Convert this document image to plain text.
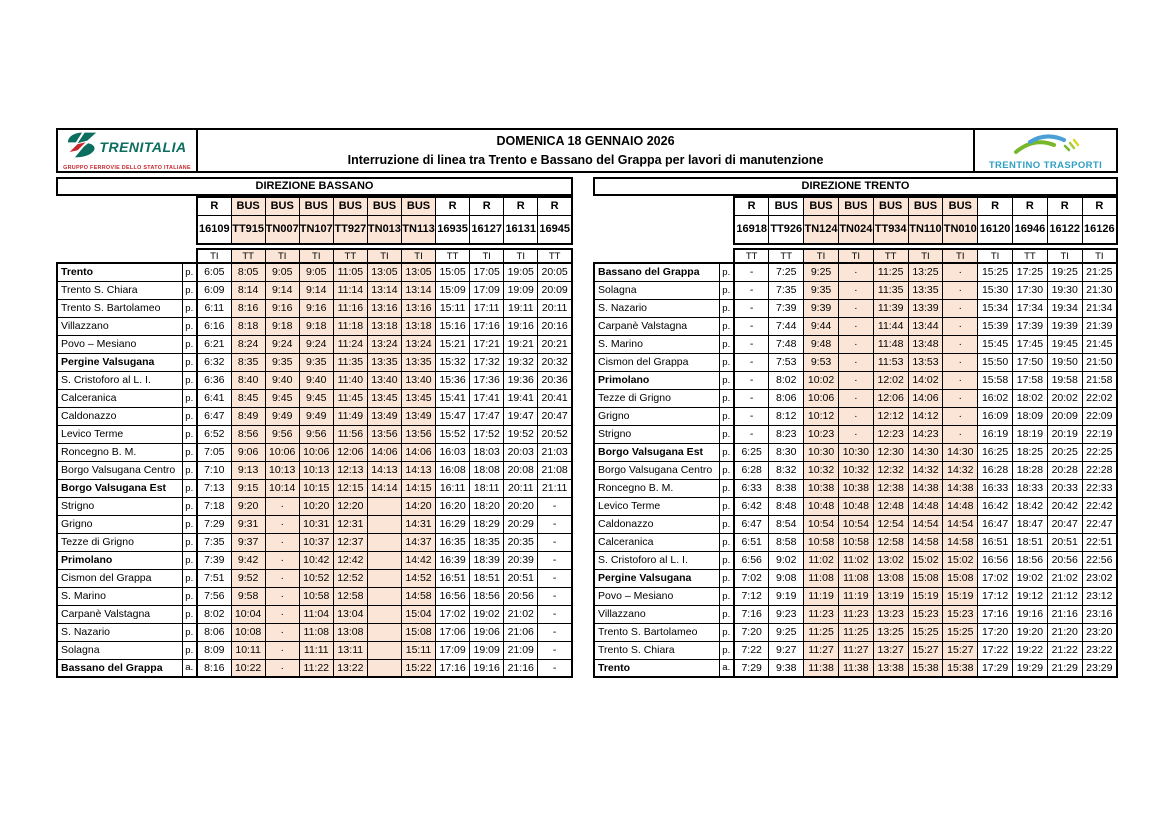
TRENITALIA
GRUPPO FERROVIE DELLO STATO ITALIANE
DOMENICA 18 GENNAIO 2026
Interruzione di linea tra Trento e Bassano del Grappa per lavori di manutenzione	TRENTINO TRASPORTI
DIREZIONE BASSANO
R	BUS	BUS	BUS	BUS	BUS	BUS	R	R	R	R
16109	TT915	TN007	TN107	TT927	TN013	TN113	16935	16127	16131	16945
TI	TT	TI	TI	TT	TI	TI	TT	TI	TI	TT
Trento	p.	6:05	8:05	9:05	9:05	11:05	13:05	13:05	15:05	17:05	19:05	20:05
Trento S. Chiara	p.	6:09	8:14	9:14	9:14	11:14	13:14	13:14	15:09	17:09	19:09	20:09
Trento S. Bartolameo	p.	6:11	8:16	9:16	9:16	11:16	13:16	13:16	15:11	17:11	19:11	20:11
Villazzano	p.	6:16	8:18	9:18	9:18	11:18	13:18	13:18	15:16	17:16	19:16	20:16
Povo – Mesiano	p.	6:21	8:24	9:24	9:24	11:24	13:24	13:24	15:21	17:21	19:21	20:21
Pergine Valsugana	p.	6:32	8:35	9:35	9:35	11:35	13:35	13:35	15:32	17:32	19:32	20:32
S. Cristoforo al L. I.	p.	6:36	8:40	9:40	9:40	11:40	13:40	13:40	15:36	17:36	19:36	20:36
Calceranica	p.	6:41	8:45	9:45	9:45	11:45	13:45	13:45	15:41	17:41	19:41	20:41
Caldonazzo	p.	6:47	8:49	9:49	9:49	11:49	13:49	13:49	15:47	17:47	19:47	20:47
Levico Terme	p.	6:52	8:56	9:56	9:56	11:56	13:56	13:56	15:52	17:52	19:52	20:52
Roncegno B. M.	p.	7:05	9:06	10:06	10:06	12:06	14:06	14:06	16:03	18:03	20:03	21:03
Borgo Valsugana Centro	p.	7:10	9:13	10:13	10:13	12:13	14:13	14:13	16:08	18:08	20:08	21:08
Borgo Valsugana Est	p.	7:13	9:15	10:14	10:15	12:15	14:14	14:15	16:11	18:11	20:11	21:11
Strigno	p.	7:18	9:20	·	10:20	12:20		14:20	16:20	18:20	20:20	-
Grigno	p.	7:29	9:31	·	10:31	12:31		14:31	16:29	18:29	20:29	-
Tezze di Grigno	p.	7:35	9:37	·	10:37	12:37		14:37	16:35	18:35	20:35	-
Primolano	p.	7:39	9:42	·	10:42	12:42		14:42	16:39	18:39	20:39	-
Cismon del Grappa	p.	7:51	9:52	·	10:52	12:52		14:52	16:51	18:51	20:51	-
S. Marino	p.	7:56	9:58	·	10:58	12:58		14:58	16:56	18:56	20:56	-
Carpanè Valstagna	p.	8:02	10:04	·	11:04	13:04		15:04	17:02	19:02	21:02	-
S. Nazario	p.	8:06	10:08	·	11:08	13:08		15:08	17:06	19:06	21:06	-
Solagna	p.	8:09	10:11	·	11:11	13:11		15:11	17:09	19:09	21:09	-
Bassano del Grappa	a.	8:16	10:22	·	11:22	13:22		15:22	17:16	19:16	21:16	-
DIREZIONE TRENTO
R	BUS	BUS	BUS	BUS	BUS	BUS	R	R	R	R
16918	TT926	TN124	TN024	TT934	TN110	TN010	16120	16946	16122	16126
TT	TT	TI	TI	TT	TI	TI	TI	TT	TI	TI
Bassano del Grappa	p.	-	7:25	9:25	·	11:25	13:25	·	15:25	17:25	19:25	21:25
Solagna	p.	-	7:35	9:35	·	11:35	13:35	·	15:30	17:30	19:30	21:30
S. Nazario	p.	-	7:39	9:39	·	11:39	13:39	·	15:34	17:34	19:34	21:34
Carpanè Valstagna	p.	-	7:44	9:44	·	11:44	13:44	·	15:39	17:39	19:39	21:39
S. Marino	p.	-	7:48	9:48	·	11:48	13:48	·	15:45	17:45	19:45	21:45
Cismon del Grappa	p.	-	7:53	9:53	·	11:53	13:53	·	15:50	17:50	19:50	21:50
Primolano	p.	-	8:02	10:02	·	12:02	14:02	·	15:58	17:58	19:58	21:58
Tezze di Grigno	p.	-	8:06	10:06	·	12:06	14:06	·	16:02	18:02	20:02	22:02
Grigno	p.	-	8:12	10:12	·	12:12	14:12	·	16:09	18:09	20:09	22:09
Strigno	p.	-	8:23	10:23	·	12:23	14:23	·	16:19	18:19	20:19	22:19
Borgo Valsugana Est	p.	6:25	8:30	10:30	10:30	12:30	14:30	14:30	16:25	18:25	20:25	22:25
Borgo Valsugana Centro	p.	6:28	8:32	10:32	10:32	12:32	14:32	14:32	16:28	18:28	20:28	22:28
Roncegno B. M.	p.	6:33	8:38	10:38	10:38	12:38	14:38	14:38	16:33	18:33	20:33	22:33
Levico Terme	p.	6:42	8:48	10:48	10:48	12:48	14:48	14:48	16:42	18:42	20:42	22:42
Caldonazzo	p.	6:47	8:54	10:54	10:54	12:54	14:54	14:54	16:47	18:47	20:47	22:47
Calceranica	p.	6:51	8:58	10:58	10:58	12:58	14:58	14:58	16:51	18:51	20:51	22:51
S. Cristoforo al L. I.	p.	6:56	9:02	11:02	11:02	13:02	15:02	15:02	16:56	18:56	20:56	22:56
Pergine Valsugana	p.	7:02	9:08	11:08	11:08	13:08	15:08	15:08	17:02	19:02	21:02	23:02
Povo – Mesiano	p.	7:12	9:19	11:19	11:19	13:19	15:19	15:19	17:12	19:12	21:12	23:12
Villazzano	p.	7:16	9:23	11:23	11:23	13:23	15:23	15:23	17:16	19:16	21:16	23:16
Trento S. Bartolameo	p.	7:20	9:25	11:25	11:25	13:25	15:25	15:25	17:20	19:20	21:20	23:20
Trento S. Chiara	p.	7:22	9:27	11:27	11:27	13:27	15:27	15:27	17:22	19:22	21:22	23:22
Trento	a.	7:29	9:38	11:38	11:38	13:38	15:38	15:38	17:29	19:29	21:29	23:29
